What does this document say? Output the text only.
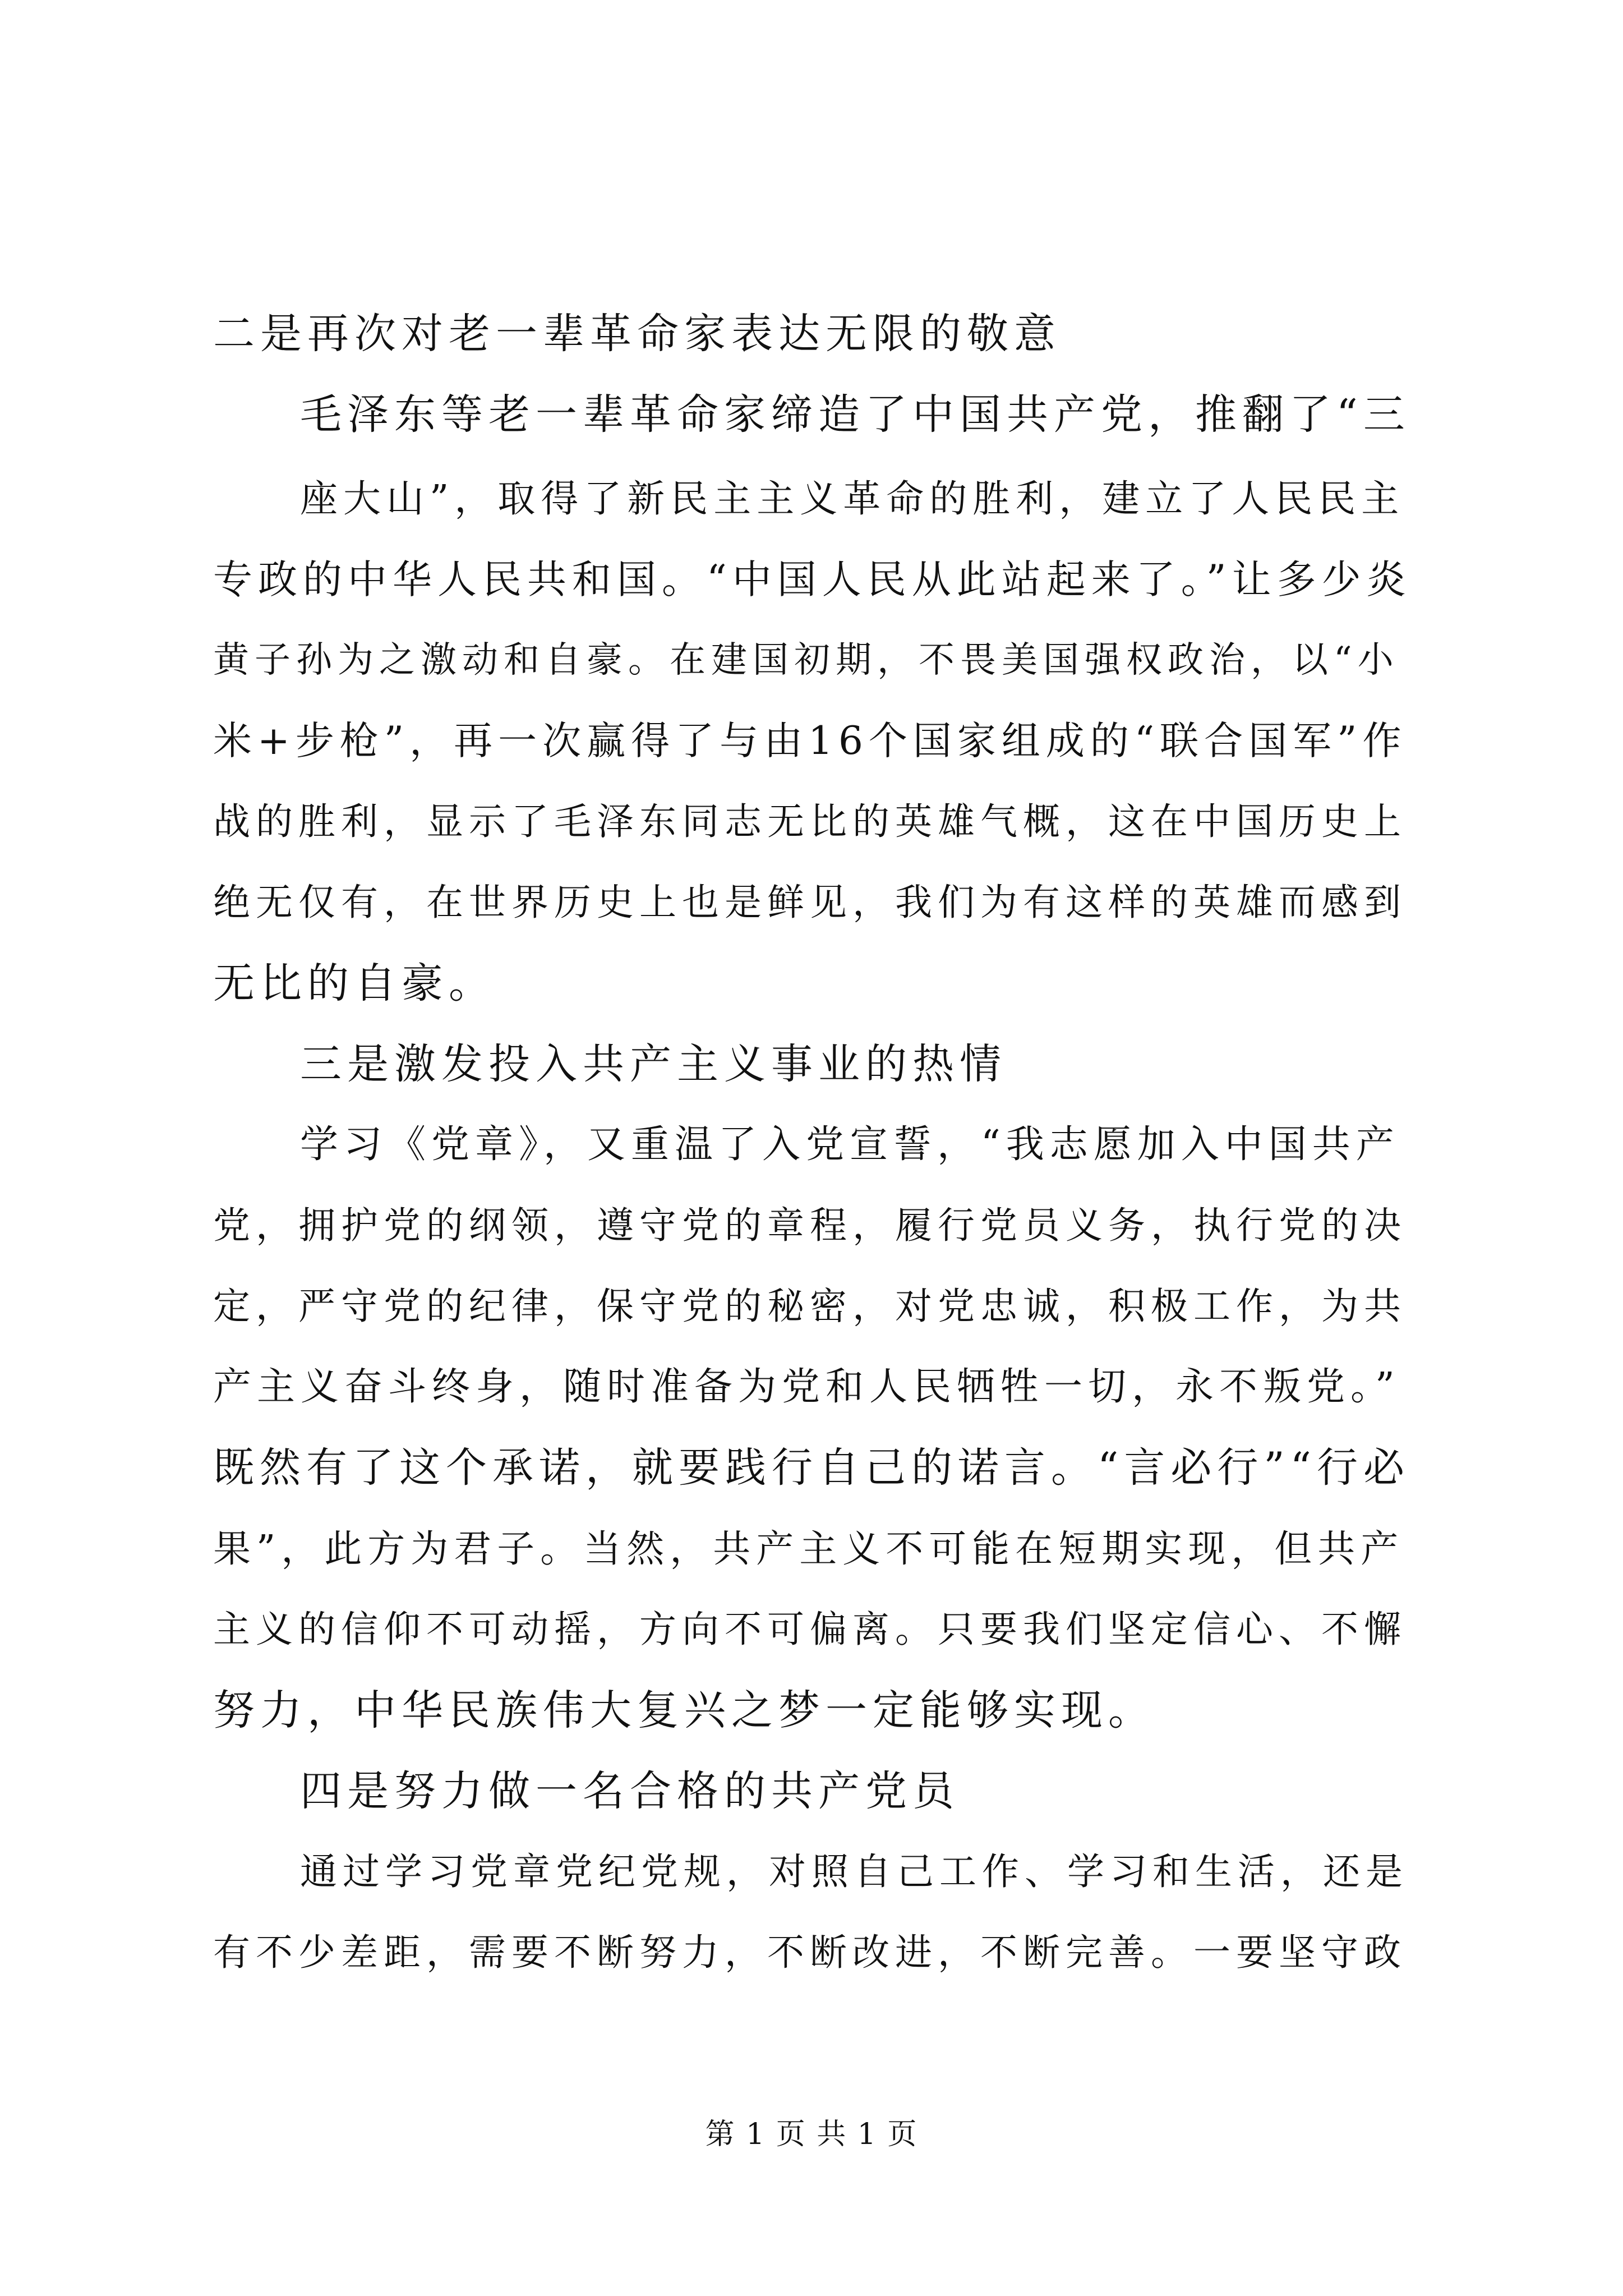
二是再次对老一辈革命家表达无限的敬意
毛泽东等老一辈革命家缔造了中国共产党，推翻了“三
座大山”，取得了新民主主义革命的胜利，建立了人民民主
专政的中华人民共和国。“中国人民从此站起来了。”让多少炎
黄子孙为之激动和自豪。在建国初期，不畏美国强权政治，以“小
米+步枪”，再一次赢得了与由16个国家组成的“联合国军”作
战的胜利，显示了毛泽东同志无比的英雄气概，这在中国历史上
绝无仅有，在世界历史上也是鲜见，我们为有这样的英雄而感到
无比的自豪。
三是激发投入共产主义事业的热情
学习《党章》，又重温了入党宣誓，“我志愿加入中国共产
党，拥护党的纲领，遵守党的章程，履行党员义务，执行党的决
定，严守党的纪律，保守党的秘密，对党忠诚，积极工作，为共
产主义奋斗终身，随时准备为党和人民牺牲一切，永不叛党。”
既然有了这个承诺，就要践行自己的诺言。“言必行”“行必
果”，此方为君子。当然，共产主义不可能在短期实现，但共产
主义的信仰不可动摇，方向不可偏离。只要我们坚定信心、不懈
努力，中华民族伟大复兴之梦一定能够实现。
四是努力做一名合格的共产党员
通过学习党章党纪党规，对照自己工作、学习和生活，还是
有不少差距，需要不断努力，不断改进，不断完善。一要坚守政
第 1 页 共 1 页
